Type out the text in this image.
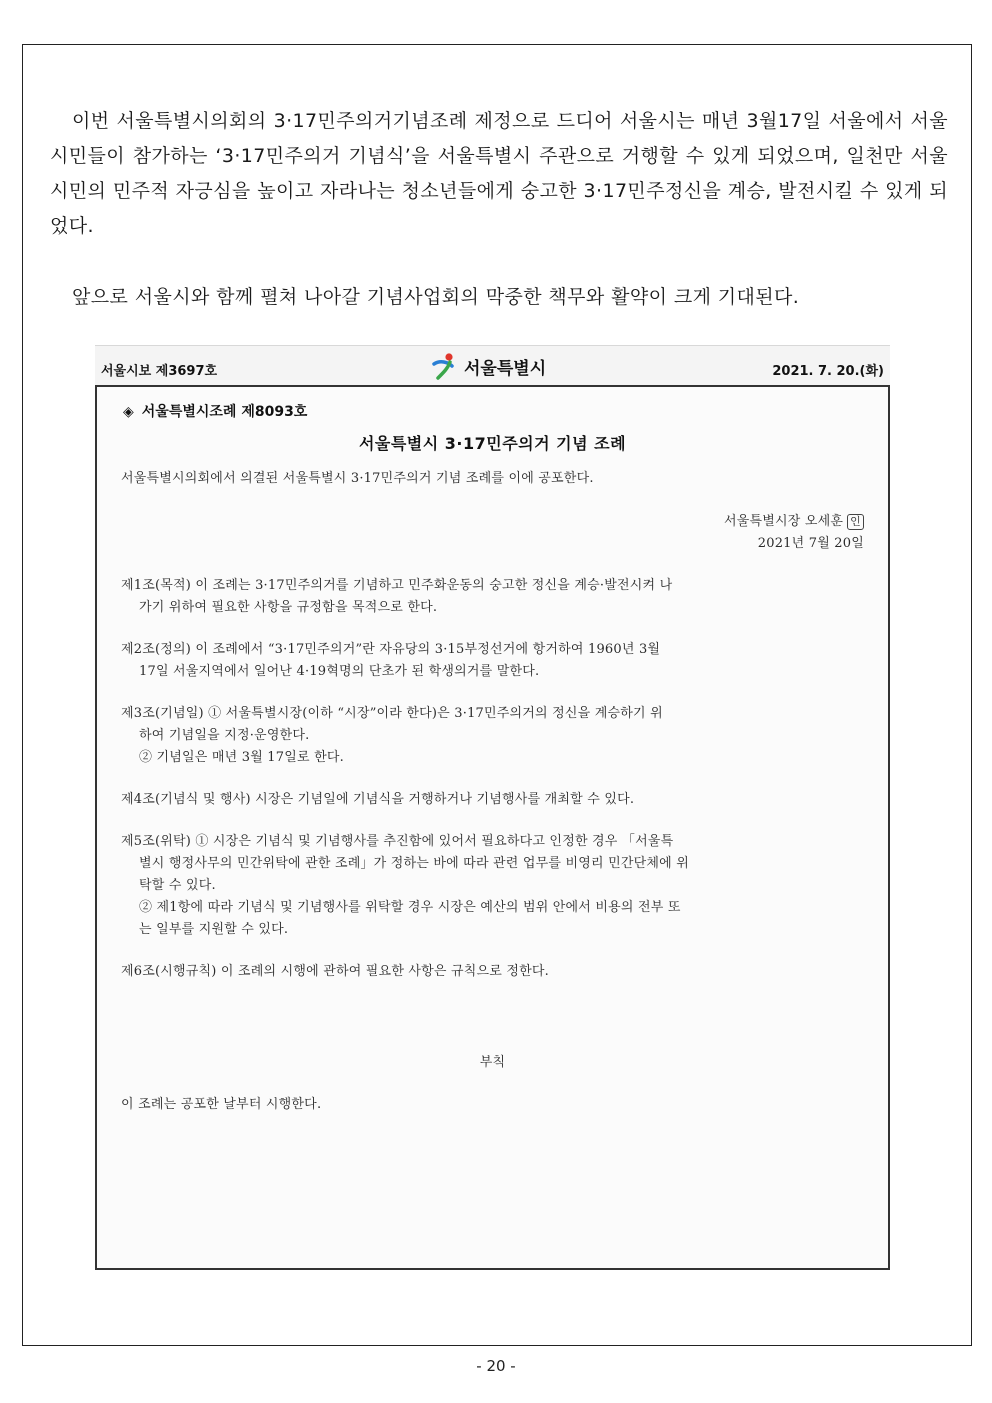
이번 서울특별시의회의 3·17민주의거기념조례 제정으로 드디어 서울시는 매년 3월17일 서울에서 서울시민들이 참가하는 ‘3·17민주의거 기념식’을 서울특별시 주관으로 거행할 수 있게 되었으며, 일천만 서울시민의 민주적 자긍심을 높이고 자라나는 청소년들에게 숭고한 3·17민주정신을 계승, 발전시킬 수 있게 되었다.

앞으로 서울시와 함께 펼쳐 나아갈 기념사업회의 막중한 책무와 활약이 크게 기대된다.

서울시보 제3697호	서울특별시	2021. 7. 20.(화)
◈ 서울특별시조례 제8093호
서울특별시 3·17민주의거 기념 조례
서울특별시의회에서 의결된 서울특별시 3·17민주의거 기념 조례를 이에 공포한다.
서울특별시장 오세훈 인
2021년 7월 20일
제1조(목적) 이 조례는 3·17민주의거를 기념하고 민주화운동의 숭고한 정신을 계승·발전시켜 나
가기 위하여 필요한 사항을 규정함을 목적으로 한다.
제2조(정의) 이 조례에서 “3·17민주의거”란 자유당의 3·15부정선거에 항거하여 1960년 3월
17일 서울지역에서 일어난 4·19혁명의 단초가 된 학생의거를 말한다.
제3조(기념일) ① 서울특별시장(이하 “시장”이라 한다)은 3·17민주의거의 정신을 계승하기 위
하여 기념일을 지정·운영한다.
② 기념일은 매년 3월 17일로 한다.
제4조(기념식 및 행사) 시장은 기념일에 기념식을 거행하거나 기념행사를 개최할 수 있다.
제5조(위탁) ① 시장은 기념식 및 기념행사를 추진함에 있어서 필요하다고 인정한 경우 「서울특
별시 행정사무의 민간위탁에 관한 조례」가 정하는 바에 따라 관련 업무를 비영리 민간단체에 위
탁할 수 있다.
② 제1항에 따라 기념식 및 기념행사를 위탁할 경우 시장은 예산의 범위 안에서 비용의 전부 또
는 일부를 지원할 수 있다.
제6조(시행규칙) 이 조례의 시행에 관하여 필요한 사항은 규칙으로 정한다.
부칙
이 조례는 공포한 날부터 시행한다.
- 20 -
